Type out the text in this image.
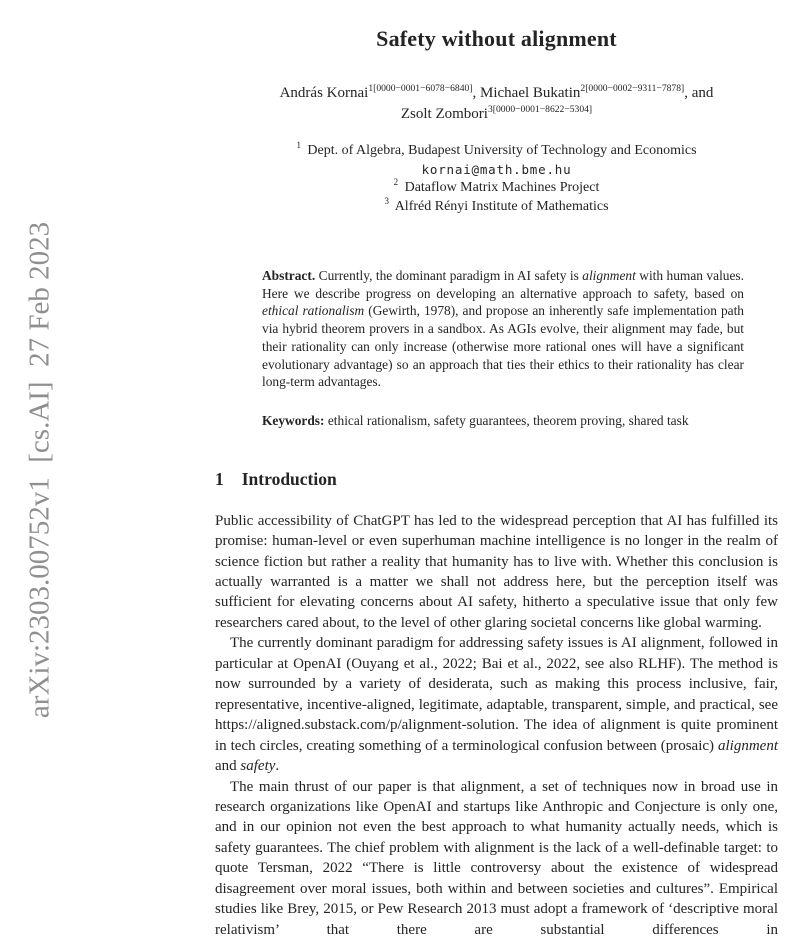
arXiv:2303.00752v1  [cs.AI]  27 Feb 2023
Safety without alignment
András Kornai$^{1[0000-0001-6078-6840]}$, Michael Bukatin$^{2[0000-0002-9311-7878]}$, and
Zsolt Zombori$^{3[0000-0001-8622-5304]}$
$^1$ Dept. of Algebra, Budapest University of Technology and Economics
kornai@math.bme.hu
$^2$ Dataflow Matrix Machines Project
$^3$ Alfréd Rényi Institute of Mathematics
Abstract. Currently, the dominant paradigm in AI safety is alignment with human values. Here we describe progress on developing an alternative approach to safety, based on ethical rationalism (Gewirth, 1978), and propose an inherently safe implementation path via hybrid theorem provers in a sandbox. As AGIs evolve, their alignment may fade, but their rationality can only increase (otherwise more rational ones will have a significant evolutionary advantage) so an approach that ties their ethics to their rationality has clear long-term advantages.
Keywords: ethical rationalism, safety guarantees, theorem proving, shared task
1 Introduction

Public accessibility of ChatGPT has led to the widespread perception that AI has fulfilled its promise: human-level or even superhuman machine intelligence is no longer in the realm of science fiction but rather a reality that humanity has to live with. Whether this conclusion is actually warranted is a matter we shall not address here, but the perception itself was sufficient for elevating concerns about AI safety, hitherto a speculative issue that only few researchers cared about, to the level of other glaring societal concerns like global warming.

The currently dominant paradigm for addressing safety issues is AI alignment, followed in particular at OpenAI (Ouyang et al., 2022; Bai et al., 2022, see also RLHF). The method is now surrounded by a variety of desiderata, such as making this process inclusive, fair, representative, incentive-aligned, legitimate, adaptable, transparent, simple, and practical, see https://aligned.substack.com/p/alignment-solution. The idea of alignment is quite prominent in tech circles, creating something of a terminological confusion between (prosaic) alignment and safety.

The main thrust of our paper is that alignment, a set of techniques now in broad use in research organizations like OpenAI and startups like Anthropic and Conjecture is only one, and in our opinion not even the best approach to what humanity actually needs, which is safety guarantees. The chief problem with alignment is the lack of a well-definable target: to quote Tersman, 2022 “There is little controversy about the existence of widespread disagreement over moral issues, both within and between societies and cultures”. Empirical studies like Brey, 2015, or Pew Research 2013 must adopt a framework of ‘descriptive moral relativism’ that there are substantial differences in
